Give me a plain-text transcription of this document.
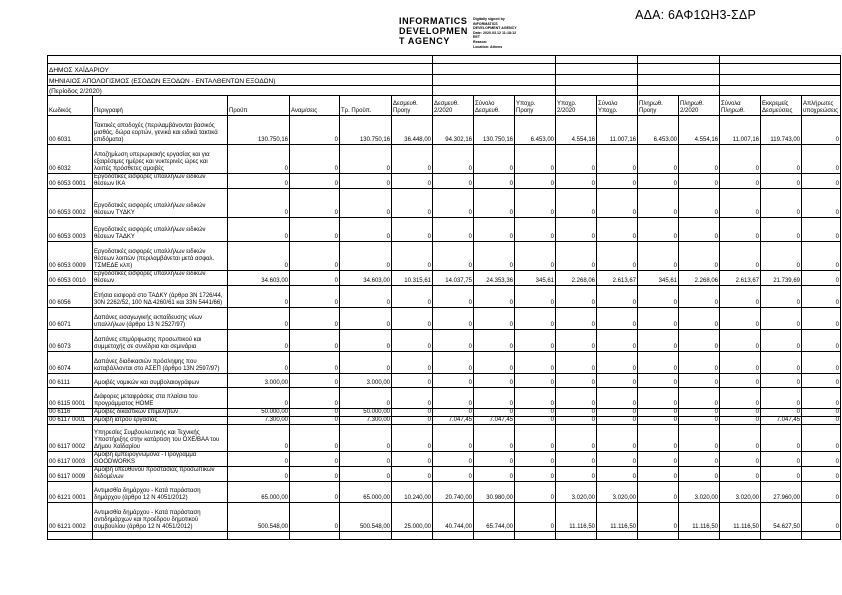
ΑΔΑ: 6ΑΦ1ΩΗ3-ΣΔΡ
INFORMATICS
DEVELOPMEN
T AGENCY
Digitally signed by
INFORMATICS
DEVELOPMENT AGENCY
Date: 2020.03.12 11:18:12
EET
Reason:
Location: Athens

ΔΗΜΟΣ ΧΑΪΔΑΡΙΟΥ															
ΜΗΝΙΑΙΟΣ ΑΠΟΛΟΓΙΣΜΟΣ (ΕΣΟΔΩΝ ΕΞΟΔΩΝ - ΕΝΤΑΛΘΕΝΤΩΝ ΕΞΟΔΩΝ)															
(Περίοδος 2/2020)															
Κωδικός	Περιγραφή	Προϋπ	Αναμ/σεις	Τρ. Προϋπ.	Δεσμευθ. Προηγ	Δεσμευθ. 2/2020	Σύνολο Δεσμευθ.	Υποχρ. Προηγ	Υποχρ. 2/2020	Σύνολο Υποχρ.	Πληρωθ. Προηγ	Πληρωθ. 2/2020	Σύνολα Πληρωθ.	Εκκρεμείς Δεσμεύσεις	Απλήρωτες υποχρεώσεις
00 6031	Τακτικές αποδοχές (περιλαμβάνονται βασικός μισθός, δώρα εορτών, γενικά και ειδικά τακτικά επιδόματα)	130.750,16	0	130.750,16	36.448,00	94.302,16	130.750,16	6.453,00	4.554,16	11.007,16	6.453,00	4.554,16	11.007,16	119.743,00	0
00 6032	Αποζημίωση υπερωριακής εργασίας και για εξαιρέσιμες ημέρες και νυκτερινές ώρες και λοιπές πρόσθετες αμοιβές	0	0	0	0	0	0	0	0	0	0	0	0	0	0
00 6053 0001	Εργοδοτικές εισφορές υπαλλήλων ειδικών θέσεων ΙΚΑ	0	0	0	0	0	0	0	0	0	0	0	0	0	0
00 6053 0002	Εργοδοτικές εισφορές υπαλλήλων ειδικών θέσεων ΤΥΔΚΥ	0	0	0	0	0	0	0	0	0	0	0	0	0	0
00 6053 0003	Εργοδοτικές εισφορές υπαλλήλων ειδικών θέσεων ΤΑΔΚΥ	0	0	0	0	0	0	0	0	0	0	0	0	0	0
00 6053 0009	Εργοδοτικές εισφορές υπαλλήλων ειδικών θέσεων λοιπών (περιλαμβάνεται μετά ασφαλ. ΤΣΜΕΔΕ κλπ)	0	0	0	0	0	0	0	0	0	0	0	0	0	0
00 6053 0010	Εργοδοτικές εισφορές υπαλλήλων ειδικών θέσεων	34.603,00	0	34.603,00	10.315,61	14.037,75	24.353,36	345,61	2.268,06	2.613,67	345,61	2.268,06	2.613,67	21.739,69	0
00 6056	Ετήσια εισφορά στο ΤΑΔΚΥ (άρθρα 3Ν 1726/44, 30Ν 2262/52, 100 ΝΔ 4260/61 και 33Ν 5441/66)	0	0	0	0	0	0	0	0	0	0	0	0	0	0
00 6071	Δαπάνες εισαγωγικής εκπαίδευσης νέων υπαλλήλων (άρθρο 13 Ν 2527/97)	0	0	0	0	0	0	0	0	0	0	0	0	0	0
00 6073	Δαπάνες επιμόρφωσης προσωπικού και συμμετοχής σε συνέδρια και σεμινάρια	0	0	0	0	0	0	0	0	0	0	0	0	0	0
00 6074	Δαπάνες διαδικασιών πρόσληψης που καταβάλλονται στο ΑΣΕΠ (άρθρο 13Ν 2597/97)	0	0	0	0	0	0	0	0	0	0	0	0	0	0
00 6111	Αμοιβές νομικών και συμβολαιογράφων	3.000,00	0	3.000,00	0	0	0	0	0	0	0	0	0	0	0
00 6115 0001	Διάφορες μεταφράσεις στα πλαίσια του προγράμματος ΗΟΜΕ	0	0	0	0	0	0	0	0	0	0	0	0	0	0
00 6116	Αμοιβές δικαστικών επιμελητών	50.000,00	0	50.000,00	0	0	0	0	0	0	0	0	0	0	0
00 6117 0001	Αμοιβή ιατρού εργασίας	7.300,00	0	7.300,00	0	7.047,45	7.047,45	0	0	0	0	0	0	7.047,45	0
00 6117 0002	Υπηρεσίες Συμβουλευτικής και Τεχνικής Υποστήριξης στην κατάρτιση του ΟΧΕ/ΒΑΑ του Δήμου Χαϊδαρίου	0	0	0	0	0	0	0	0	0	0	0	0	0	0
00 6117 0003	Αμοιβή εμπειρογνώμονα - Πρόγραμμα GOODWORKS	0	0	0	0	0	0	0	0	0	0	0	0	0	0
00 6117 0009	Αμοιβή υπευθύνου προστασίας προσωπικών δεδομένων	0	0	0	0	0	0	0	0	0	0	0	0	0	0
00 6121 0001	Αντιμισθία δημάρχου - Κατά παράσταση δημάρχου (άρθρο 12 Ν 4051/2012)	65.000,00	0	65.000,00	10.240,00	20.740,00	30.980,00	0	3.020,00	3.020,00	0	3.020,00	3.020,00	27.960,00	0
00 6121 0002	Αντιμισθία δημάρχου - Κατά παράσταση αντιδημάρχων και προέδρου δημοτικού συμβουλίου (άρθρο 12 Ν 4051/2012)	500.548,00	0	500.548,00	25.000,00	40.744,00	65.744,00	0	11.116,50	11.116,50	0	11.116,50	11.116,50	54.627,50	0
